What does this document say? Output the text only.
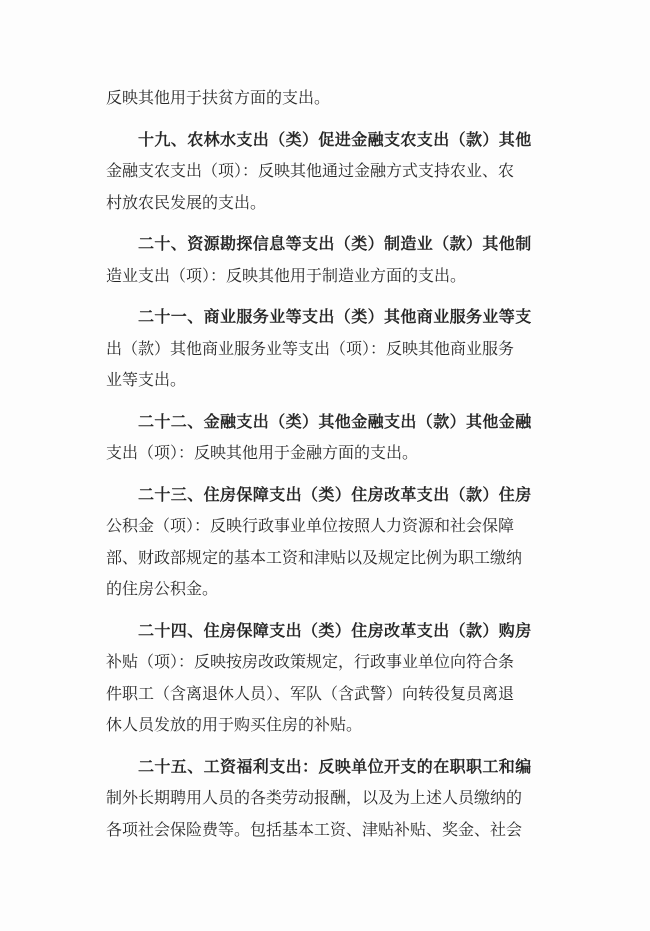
反映其他用于扶贫方面的支出。
十九、农林水支出（类）促进金融支农支出（款）其他
金融支农支出（项）：反映其他通过金融方式支持农业、农
村放农民发展的支出。
二十、资源勘探信息等支出（类）制造业（款）其他制
造业支出（项）：反映其他用于制造业方面的支出。
二十一、商业服务业等支出（类）其他商业服务业等支
出（款）其他商业服务业等支出（项）：反映其他商业服务
业等支出。
二十二、金融支出（类）其他金融支出（款）其他金融
支出（项）：反映其他用于金融方面的支出。
二十三、住房保障支出（类）住房改革支出（款）住房
公积金（项）：反映行政事业单位按照人力资源和社会保障
部、财政部规定的基本工资和津贴以及规定比例为职工缴纳
的住房公积金。
二十四、住房保障支出（类）住房改革支出（款）购房
补贴（项）：反映按房改政策规定，行政事业单位向符合条
件职工（含离退休人员）、军队（含武警）向转役复员离退
休人员发放的用于购买住房的补贴。
二十五、工资福利支出：反映单位开支的在职职工和编
制外长期聘用人员的各类劳动报酬，以及为上述人员缴纳的
各项社会保险费等。包括基本工资、津贴补贴、奖金、社会
